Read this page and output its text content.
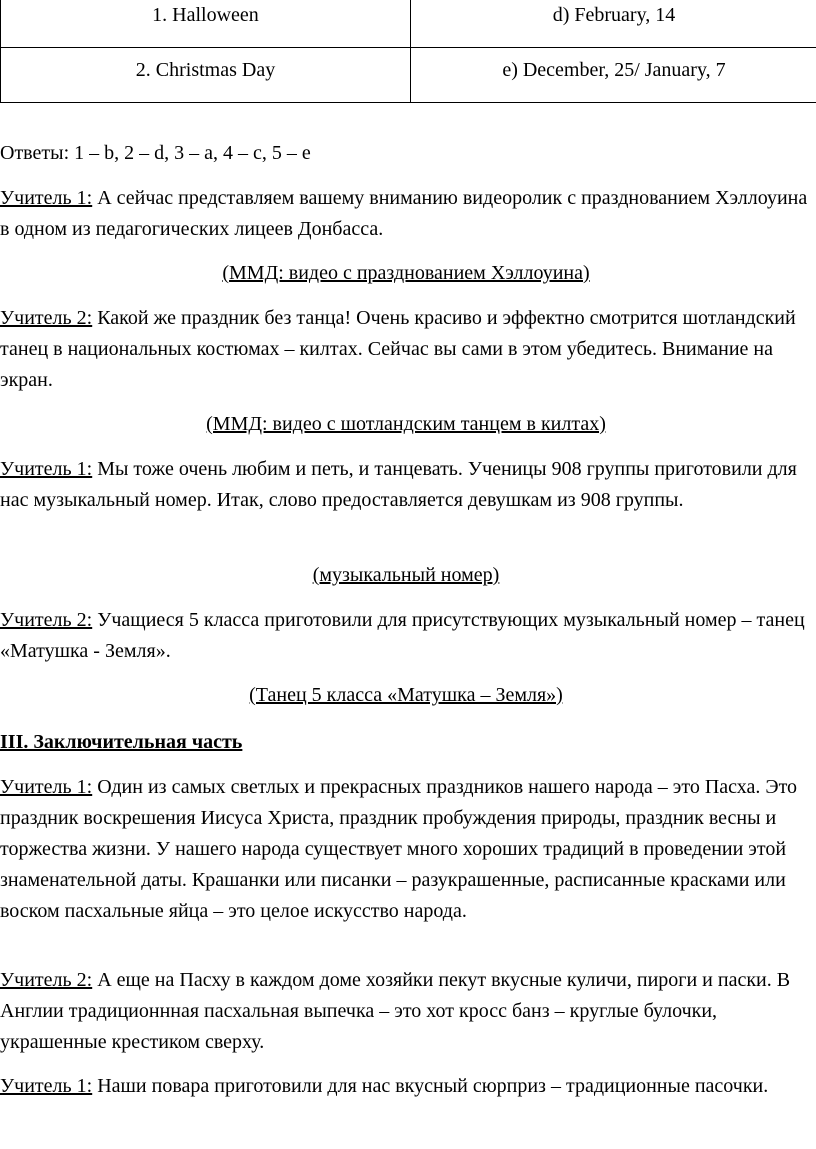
1. Halloween	d) February, 14
2. Christmas Day	e) December, 25/ January, 7

Ответы: 1 – b, 2 – d, 3 – a, 4 – c, 5 – e

Учитель 1: А сейчас представляем вашему вниманию видеоролик с празднованием Хэллоуина в одном из педагогических лицеев Донбасса.

(ММД: видео с празднованием Хэллоуина)

Учитель 2: Какой же праздник без танца! Очень красиво и эффектно смотрится шотландский танец в национальных костюмах – килтах. Сейчас вы сами в этом убедитесь. Внимание на экран.

(ММД: видео с шотландским танцем в килтах)

Учитель 1: Мы тоже очень любим и петь, и танцевать. Ученицы 908 группы приготовили для нас музыкальный номер. Итак, слово предоставляется девушкам из 908 группы.

(музыкальный номер)

Учитель 2: Учащиеся 5 класса приготовили для присутствующих музыкальный номер – танец «Матушка - Земля».

(Танец 5 класса «Матушка – Земля»)

III. Заключительная часть

Учитель 1: Один из самых светлых и прекрасных праздников нашего народа – это Пасха. Это праздник воскрешения Иисуса Христа, праздник пробуждения природы, праздник весны и торжества жизни. У нашего народа существует много хороших традиций в проведении этой знаменательной даты. Крашанки или писанки – разукрашенные, расписанные красками или воском пасхальные яйца – это целое искусство народа.

Учитель 2: А еще на Пасху в каждом доме хозяйки пекут вкусные куличи, пироги и паски. В Англии традиционнная пасхальная выпечка – это хот кросс банз – круглые булочки, украшенные крестиком сверху.

Учитель 1: Наши повара приготовили для нас вкусный сюрприз – традиционные пасочки.
